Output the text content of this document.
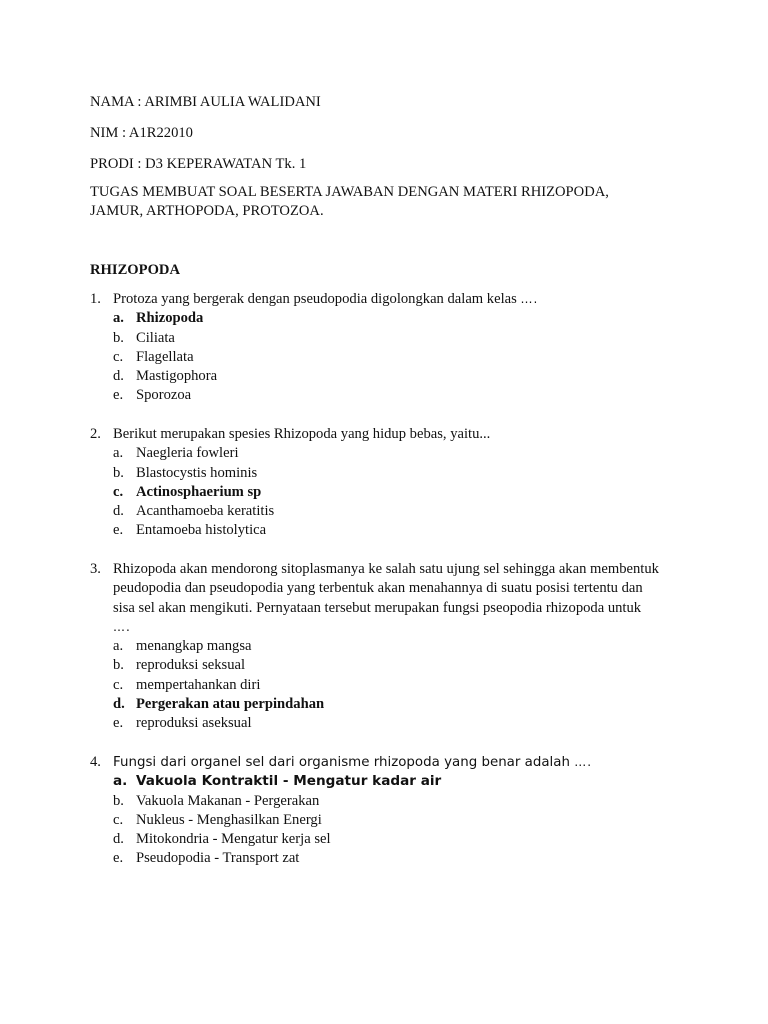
NAMA : ARIMBI AULIA WALIDANI
NIM : A1R22010
PRODI : D3 KEPERAWATAN Tk. 1
TUGAS MEMBUAT SOAL BESERTA JAWABAN DENGAN MATERI RHIZOPODA,
JAMUR, ARTHOPODA, PROTOZOA.
RHIZOPODA
1. Protoza yang bergerak dengan pseudopodia digolongkan dalam kelas ….
a. Rhizopoda
b. Ciliata
c. Flagellata
d. Mastigophora
e. Sporozoa
2. Berikut merupakan spesies Rhizopoda yang hidup bebas, yaitu...
a. Naegleria fowleri
b. Blastocystis hominis
c. Actinosphaerium sp
d. Acanthamoeba keratitis
e. Entamoeba histolytica
3. Rhizopoda akan mendorong sitoplasmanya ke salah satu ujung sel sehingga akan membentuk
peudopodia dan pseudopodia yang terbentuk akan menahannya di suatu posisi tertentu dan
sisa sel akan mengikuti. Pernyataan tersebut merupakan fungsi pseopodia rhizopoda untuk
….
a. menangkap mangsa
b. reproduksi seksual
c. mempertahankan diri
d. Pergerakan atau perpindahan
e. reproduksi aseksual
4. Fungsi dari organel sel dari organisme rhizopoda yang benar adalah ….
a. Vakuola Kontraktil - Mengatur kadar air
b. Vakuola Makanan - Pergerakan
c. Nukleus - Menghasilkan Energi
d. Mitokondria - Mengatur kerja sel
e. Pseudopodia - Transport zat
